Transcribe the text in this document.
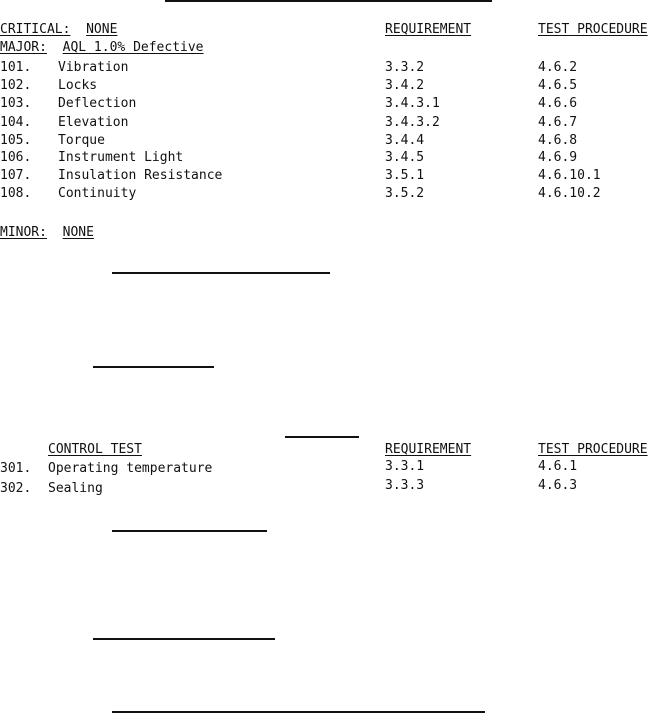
CRITICAL: NONE	REQUIREMENT	TEST PROCEDURE
MAJOR: AQL 1.0% Defective
101. Vibration	3.3.2	4.6.2
102. Locks	3.4.2	4.6.5
103. Deflection	3.4.3.1	4.6.6
104. Elevation	3.4.3.2	4.6.7
105. Torque	3.4.4	4.6.8
106. Instrument Light	3.4.5	4.6.9
107. Insulation Resistance	3.5.1	4.6.10.1
108. Continuity	3.5.2	4.6.10.2
MINOR: NONE
CONTROL TEST	REQUIREMENT	TEST PROCEDURE
301. Operating temperature	3.3.1	4.6.1
302. Sealing	3.3.3	4.6.3
